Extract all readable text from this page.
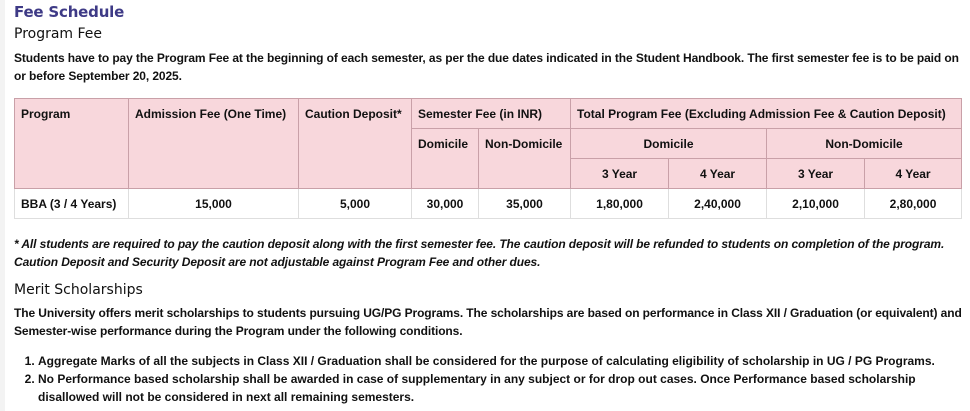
Fee Schedule
Program Fee

Students have to pay the Program Fee at the beginning of each semester, as per the due dates indicated in the Student Handbook. The first semester fee is to be paid on or before September 20, 2025.

Program	Admission Fee (One Time)	Caution Deposit*	Semester Fee (in INR)		Total Program Fee (Excluding Admission Fee & Caution Deposit)			
			Domicile	Non-Domicile	Domicile		Non-Domicile	
					3 Year	4 Year	3 Year	4 Year
BBA (3 / 4 Years)	15,000	5,000	30,000	35,000	1,80,000	2,40,000	2,10,000	2,80,000

* All students are required to pay the caution deposit along with the first semester fee. The caution deposit will be refunded to students on completion of the program. Caution Deposit and Security Deposit are not adjustable against Program Fee and other dues.

Merit Scholarships

The University offers merit scholarships to students pursuing UG/PG Programs. The scholarships are based on performance in Class XII / Graduation (or equivalent) and Semester-wise performance during the Program under the following conditions.

1. Aggregate Marks of all the subjects in Class XII / Graduation shall be considered for the purpose of calculating eligibility of scholarship in UG / PG Programs.
2. No Performance based scholarship shall be awarded in case of supplementary in any subject or for drop out cases. Once Performance based scholarship disallowed will not be considered in next all remaining semesters.
